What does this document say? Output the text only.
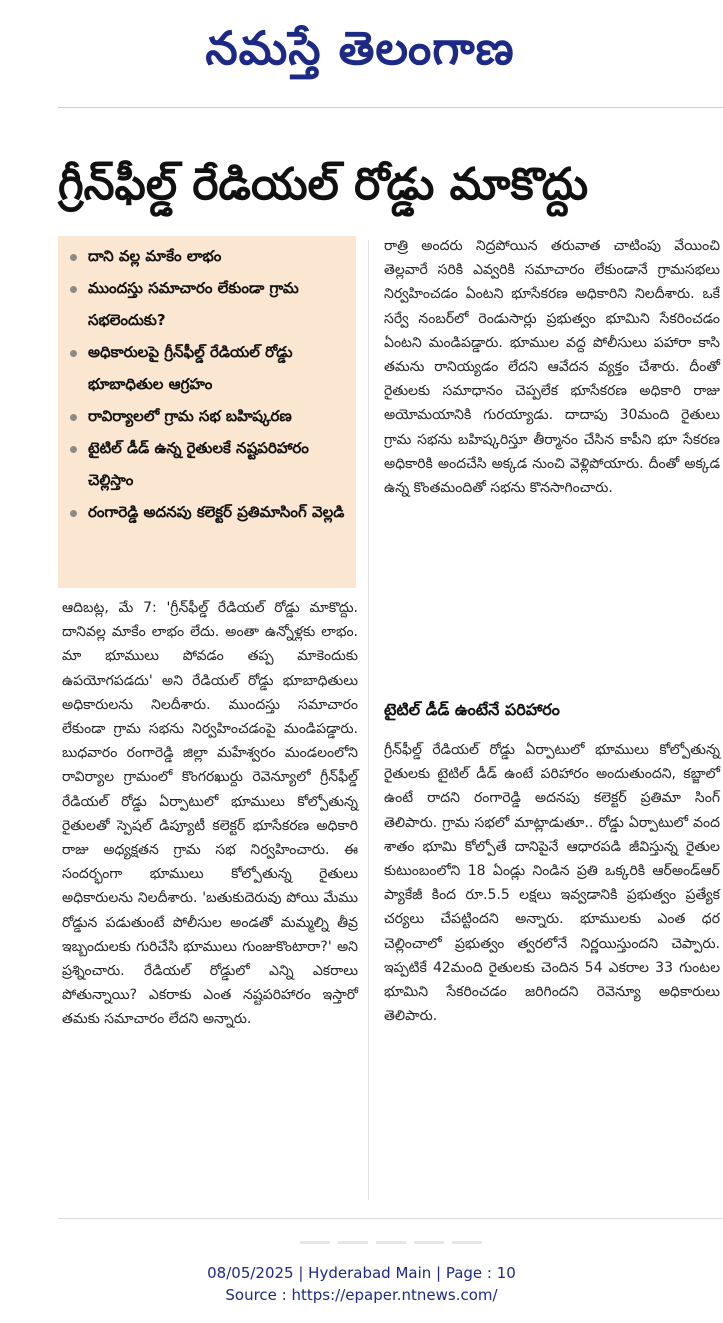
నమస్తే తెలంగాణ
గ్రీన్‌ఫీల్డ్ రేడియల్ రోడ్డు మాకొద్దు
దాని వల్ల మాకేం లాభం
ముందస్తు సమాచారం లేకుండా గ్రామ సభలెందుకు?
అధికారులపై గ్రీన్‌ఫీల్డ్ రేడియల్ రోడ్డు భూబాధితుల ఆగ్రహం
రావిర్యాలలో గ్రామ సభ బహిష్కరణ
టైటిల్ డీడ్ ఉన్న రైతులకే నష్టపరిహారం చెల్లిస్తాం
రంగారెడ్డి అదనపు కలెక్టర్ ప్రతిమాసింగ్ వెల్లడి
ఆదిబట్ల, మే 7: 'గ్రీన్‌ఫీల్డ్ రేడియల్ రోడ్డు మాకొద్దు. దానివల్ల మాకేం లాభం లేదు. అంతా ఉన్నోళ్లకు లాభం. మా భూములు పోవడం తప్ప మాకెందుకు ఉపయోగపడదు' అని రేడియల్ రోడ్డు భూబాధితులు అధికారులను నిలదీశారు. ముందస్తు సమాచారం లేకుండా గ్రామ సభను నిర్వహించడంపై మండిపడ్డారు. బుధవారం రంగారెడ్డి జిల్లా మహేశ్వరం మండలంలోని రావిర్యాల గ్రామంలో కొంగరఖుర్దు రెవెన్యూలో గ్రీన్‌ఫీల్డ్ రేడియల్ రోడ్డు ఏర్పాటులో భూములు కోల్పోతున్న రైతులతో స్పెషల్ డిప్యూటీ కలెక్టర్ భూసేకరణ అధికారి రాజు అధ్యక్షతన గ్రామ సభ నిర్వహించారు. ఈ సందర్భంగా భూములు కోల్పోతున్న రైతులు అధికారులను నిలదీశారు. 'బతుకుదెరువు పోయి మేము రోడ్డున పడుతుంటే పోలీసుల అండతో మమ్మల్ని తీవ్ర ఇబ్బందులకు గురిచేసి భూములు గుంజుకొంటారా?' అని ప్రశ్నించారు. రేడియల్ రోడ్డులో ఎన్ని ఎకరాలు పోతున్నాయి? ఎకరాకు ఎంత నష్టపరిహారం ఇస్తారో తమకు సమాచారం లేదని అన్నారు.
రాత్రి అందరు నిద్రపోయిన తరువాత చాటింపు వేయించి తెల్లవారే సరికి ఎవ్వరికి సమాచారం లేకుండానే గ్రామసభలు నిర్వహించడం ఏంటని భూసేకరణ అధికారిని నిలదీశారు. ఒకే సర్వే నంబర్‌లో రెండుసార్లు ప్రభుత్వం భూమిని సేకరించడం ఏంటని మండిపడ్డారు. భూముల వద్ద పోలీసులు పహారా కాసి తమను రానియ్యడం లేదని ఆవేదన వ్యక్తం చేశారు. దీంతో రైతులకు సమాధానం చెప్పలేక భూసేకరణ అధికారి రాజు అయోమయానికి గురయ్యాడు. దాదాపు 30మంది రైతులు గ్రామ సభను బహిష్కరిస్తూ తీర్మానం చేసిన కాపీని భూ సేకరణ అధికారికి అందచేసి అక్కడ నుంచి వెళ్లిపోయారు. దీంతో అక్కడ ఉన్న కొంతమందితో సభను కొనసాగించారు.
టైటిల్ డీడ్ ఉంటేనే పరిహారం
గ్రీన్‌ఫీల్డ్ రేడియల్ రోడ్డు ఏర్పాటులో భూములు కోల్పోతున్న రైతులకు టైటిల్ డీడ్ ఉంటే పరిహారం అందుతుందని, కబ్జాలో ఉంటే రాదని రంగారెడ్డి అదనపు కలెక్టర్ ప్రతిమా సింగ్ తెలిపారు. గ్రామ సభలో మాట్లాడుతూ.. రోడ్డు ఏర్పాటులో వంద శాతం భూమి కోల్పోతే దానిపైనే ఆధారపడి జీవిస్తున్న రైతుల కుటుంబంలోని 18 ఏండ్లు నిండిన ప్రతి ఒక్కరికి ఆర్‌అండ్‌ఆర్ ప్యాకేజీ కింద రూ.5.5 లక్షలు ఇవ్వడానికి ప్రభుత్వం ప్రత్యేక చర్యలు చేపట్టిందని అన్నారు. భూములకు ఎంత ధర చెల్లించాలో ప్రభుత్వం త్వరలోనే నిర్ణయిస్తుందని చెప్పారు. ఇప్పటికే 42మంది రైతులకు చెందిన 54 ఎకరాల 33 గుంటల భూమిని సేకరించడం జరిగిందని రెవెన్యూ అధికారులు తెలిపారు.
08/05/2025 | Hyderabad Main | Page : 10
Source : https://epaper.ntnews.com/
